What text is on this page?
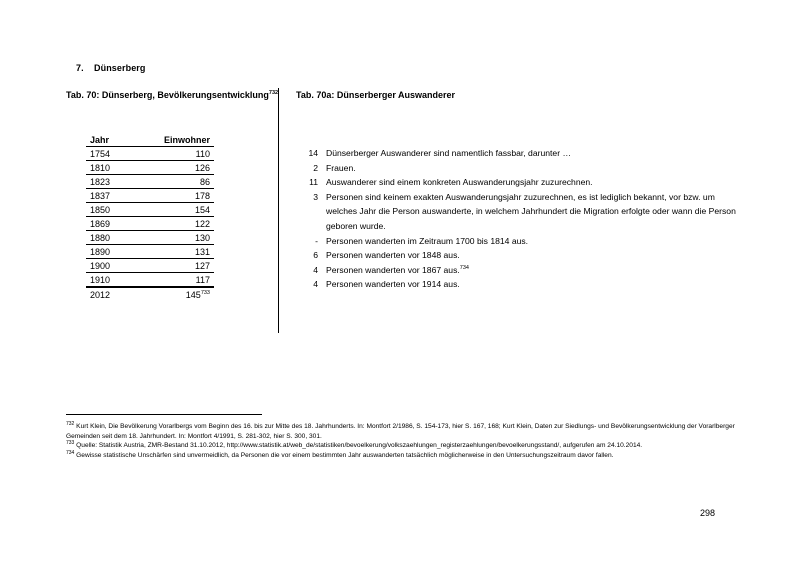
7. Dünserberg
Tab. 70: Dünserberg, Bevölkerungsentwicklung$^{732}$ Tab. 70a: Dünserberger Auswanderer
Jahr	Einwohner
1754	110
1810	126
1823	86
1837	178
1850	154
1869	122
1880	130
1890	131
1900	127
1910	117
2012	145$^{733}$
14 Dünserberger Auswanderer sind namentlich fassbar, darunter …
2 Frauen.
11 Auswanderer sind einem konkreten Auswanderungsjahr zuzurechnen.
3 Personen sind keinem exakten Auswanderungsjahr zuzurechnen, es ist lediglich bekannt, vor bzw. um welches Jahr die Person auswanderte, in welchem Jahrhundert die Migration erfolgte oder wann die Person geboren wurde.
- Personen wanderten im Zeitraum 1700 bis 1814 aus.
6 Personen wanderten vor 1848 aus.
4 Personen wanderten vor 1867 aus.$^{734}$
4 Personen wanderten vor 1914 aus.
$^{732}$ Kurt Klein, Die Bevölkerung Vorarlbergs vom Beginn des 16. bis zur Mitte des 18. Jahrhunderts. In: Montfort 2/1986, S. 154-173, hier S. 167, 168; Kurt Klein, Daten zur Siedlungs- und Bevölkerungsentwicklung der Vorarlberger Gemeinden seit dem 18. Jahrhundert. In: Montfort 4/1991, S. 281-302, hier S. 300, 301.
$^{733}$ Quelle: Statistik Austria, ZMR-Bestand 31.10.2012, http://www.statistik.at/web_de/statistiken/bevoelkerung/volkszaehlungen_registerzaehlungen/bevoelkerungsstand/, aufgerufen am 24.10.2014.
$^{734}$ Gewisse statistische Unschärfen sind unvermeidlich, da Personen die vor einem bestimmten Jahr auswanderten tatsächlich möglicherweise in den Untersuchungszeitraum davor fallen.
298
